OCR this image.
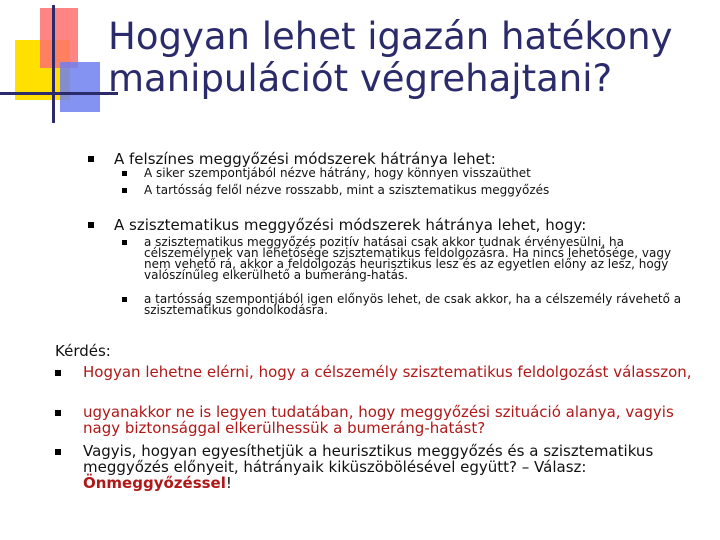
Hogyan lehet igazán hatékony manipulációt végrehajtani?
A felszínes meggyőzési módszerek hátránya lehet:
A siker szempontjából nézve hátrány, hogy könnyen visszaüthet
A tartósság felől nézve rosszabb, mint a szisztematikus meggyőzés
A szisztematikus meggyőzési módszerek hátránya lehet, hogy:
a szisztematikus meggyőzés pozitív hatásai csak akkor tudnak érvényesülni, ha célszemélynek van lehetősége szisztematikus feldolgozásra. Ha nincs lehetősége, vagy nem vehető rá, akkor a feldolgozás heurisztikus lesz és az egyetlen előny az lesz, hogy valószínűleg elkerülhető a bumeráng-hatás.
a tartósság szempontjából igen előnyös lehet, de csak akkor, ha a célszemély rávehető a szisztematikus gondolkodásra.
Kérdés:
Hogyan lehetne elérni, hogy a célszemély szisztematikus feldolgozást válasszon,
ugyanakkor ne is legyen tudatában, hogy meggyőzési szituáció alanya, vagyis nagy biztonsággal elkerülhessük a bumeráng-hatást?
Vagyis, hogyan egyesíthetjük a heurisztikus meggyőzés és a szisztematikus meggyőzés előnyeit, hátrányaik kiküszöbölésével együtt? – Válasz: Önmeggyőzéssel!
